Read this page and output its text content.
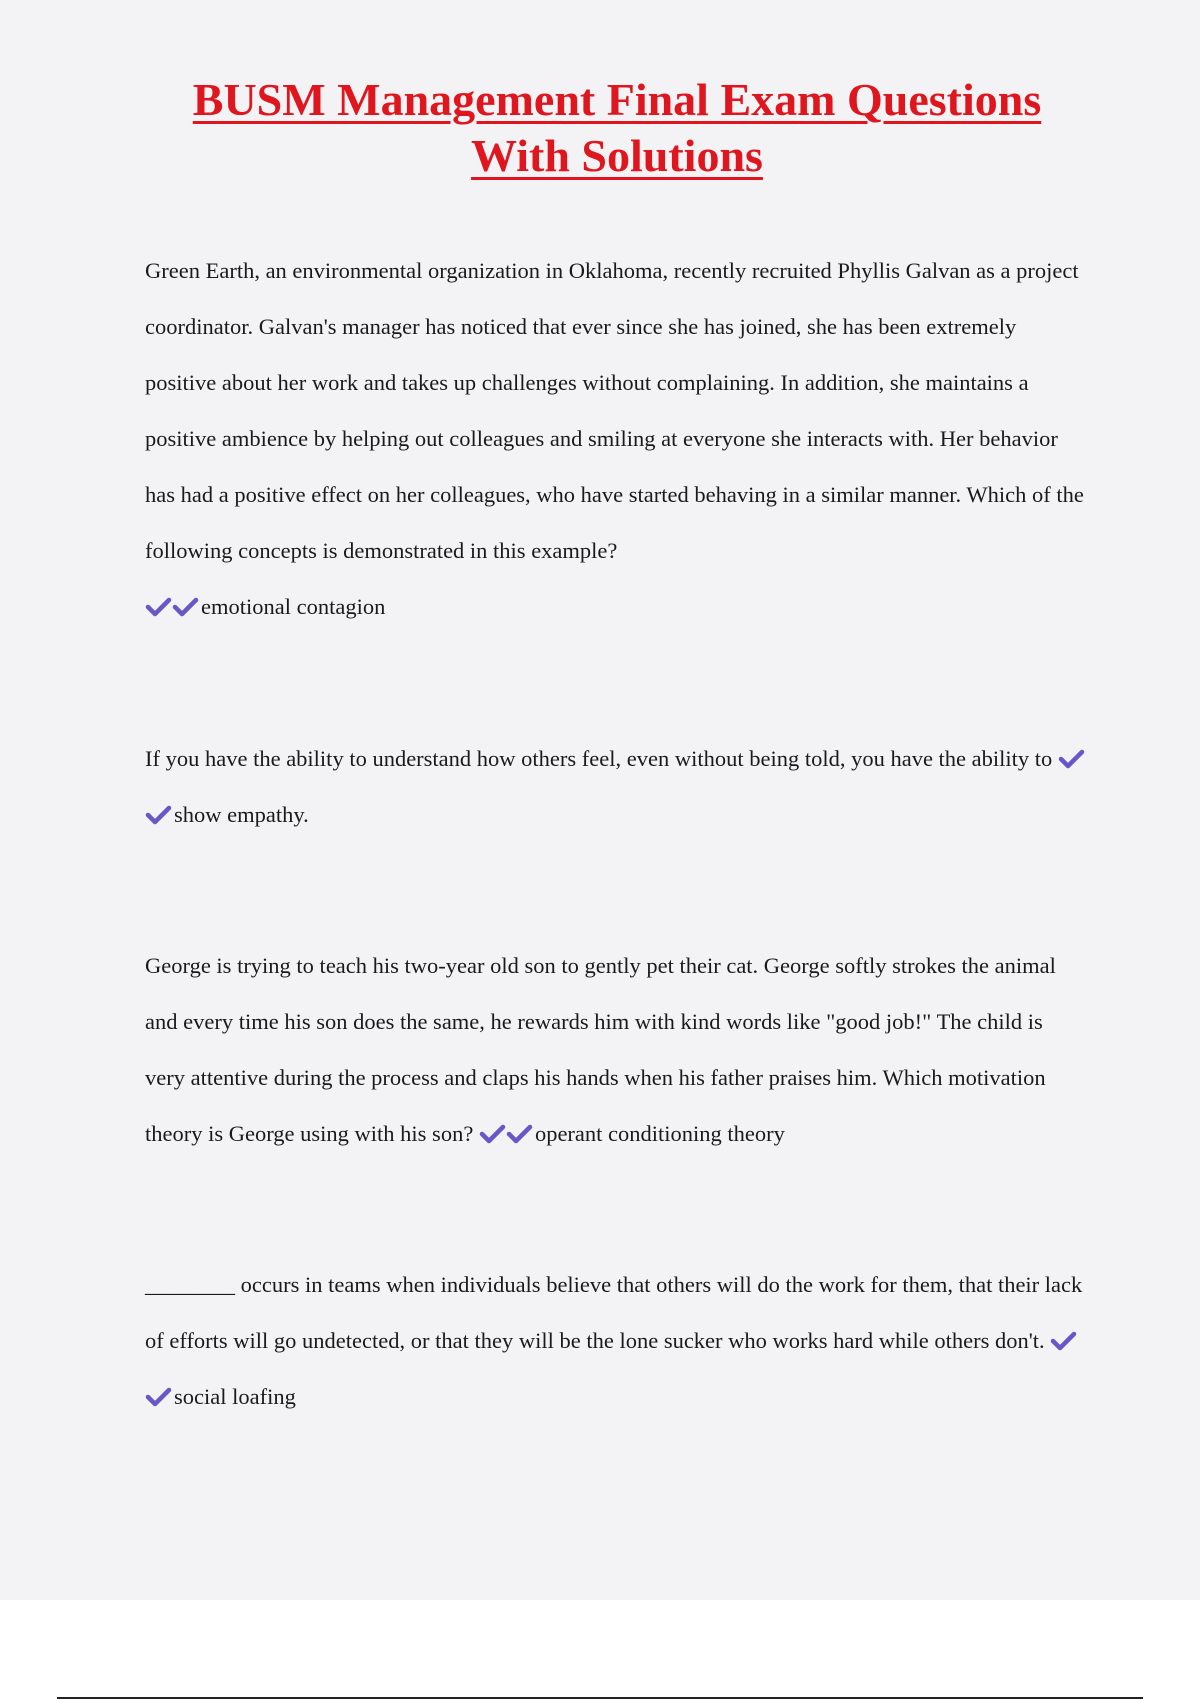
BUSM Management Final Exam Questions
With Solutions

Green Earth, an environmental organization in Oklahoma, recently recruited Phyllis Galvan as a project coordinator. Galvan's manager has noticed that ever since she has joined, she has been extremely positive about her work and takes up challenges without complaining. In addition, she maintains a positive ambience by helping out colleagues and smiling at everyone she interacts with. Her behavior has had a positive effect on her colleagues, who have started behaving in a similar manner. Which of the following concepts is demonstrated in this example?
emotional contagion

If you have the ability to understand how others feel, even without being told, you have the ability to show empathy.

George is trying to teach his two-year old son to gently pet their cat. George softly strokes the animal and every time his son does the same, he rewards him with kind words like "good job!" The child is very attentive during the process and claps his hands when his father praises him. Which motivation theory is George using with his son?	operant conditioning theory

________ occurs in teams when individuals believe that others will do the work for them, that their lack of efforts will go undetected, or that they will be the lone sucker who works hard while others don't. social loafing
